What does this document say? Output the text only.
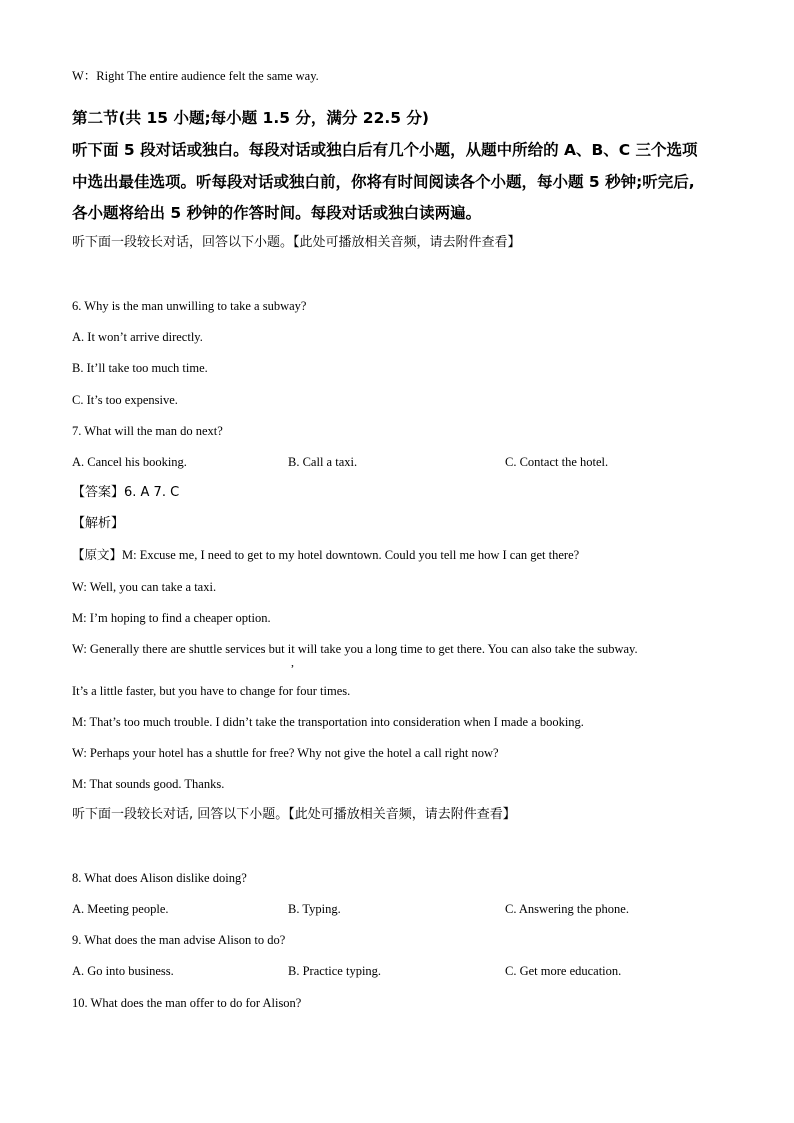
W：Right The entire audience felt the same way.
第二节(共 15 小题;每小题 1.5 分，满分 22.5 分)
听下面 5 段对话或独白。每段对话或独白后有几个小题，从题中所给的 A、B、C 三个选项
中选出最佳选项。听每段对话或独白前，你将有时间阅读各个小题，每小题 5 秒钟;听完后,
各小题将给出 5 秒钟的作答时间。每段对话或独白读两遍。
听下面一段较长对话，回答以下小题。【此处可播放相关音频，请去附件查看】
6. Why is the man unwilling to take a subway?
A. It won’t arrive directly.
B. It’ll take too much time.
C. It’s too expensive.
7. What will the man do next?
A. Cancel his booking.	B. Call a taxi.	C. Contact the hotel.
【答案】6. A 7. C
【解析】
【原文】M: Excuse me, I need to get to my hotel downtown. Could you tell me how I can get there?
W: Well, you can take a taxi.
M: I’m hoping to find a cheaper option.
W: Generally there are shuttle services but it will take you a long time to get there. You can also take the subway.
,
It’s a little faster, but you have to change for four times.
M: That’s too much trouble. I didn’t take the transportation into consideration when I made a booking.
W: Perhaps your hotel has a shuttle for free? Why not give the hotel a call right now?
M: That sounds good. Thanks.
听下面一段较长对话, 回答以下小题。【此处可播放相关音频，请去附件查看】
8. What does Alison dislike doing?
A. Meeting people.	B. Typing.	C. Answering the phone.
9. What does the man advise Alison to do?
A. Go into business.	B. Practice typing.	C. Get more education.
10. What does the man offer to do for Alison?
